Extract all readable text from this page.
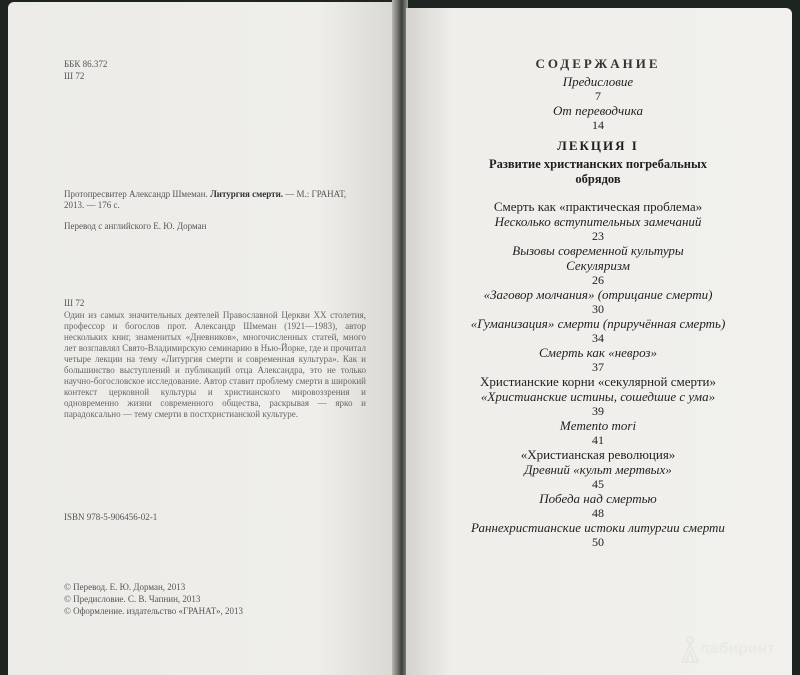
ББК 86.372
Ш 72
Протопресвитер Александр Шмеман. Литургия смерти. — М.: ГРАНАТ, 2013. — 176 с.
Перевод с английского Е. Ю. Дорман
Ш 72
Один из самых значительных деятелей Православной Церкви XX столетия, профессор и богослов прот. Александр Шмеман (1921—1983), автор нескольких книг, знаменитых «Дневников», многочисленных статей, много лет возглавлял Свято-Владимирскую семинарию в Нью-Йорке, где и прочитал четыре лекции на тему «Литургия смерти и современная культура». Как и большинство выступлений и публикаций отца Александра, это не только научно-богословское исследование. Автор ставит проблему смерти в широкий контекст церковной культуры и христианского мировоззрения и одновременно жизни современного общества, раскрывая — ярко и парадоксально — тему смерти в постхристианской культуре.
ISBN 978-5-906456-02-1
© Перевод. Е. Ю. Дорман, 2013
© Предисловие. С. В. Чапнин, 2013
© Оформление. издательство «ГРАНАТ», 2013
СОДЕРЖАНИЕ
Предисловие
7
От переводчика
14
ЛЕКЦИЯ I
Развитие христианских погребальных обрядов
Смерть как «практическая проблема»
Несколько вступительных замечаний
23
Вызовы современной культуры
Секуляризм
26
«Заговор молчания» (отрицание смерти)
30
«Гуманизация» смерти (приручённая смерть)
34
Смерть как «невроз»
37
Христианские корни «секулярной смерти»
«Христианские истины, сошедшие с ума»
39
Memento mori
41
«Христианская революция»
Древний «культ мертвых»
45
Победа над смертью
48
Раннехристианские истоки литургии смерти
50
лабиринт
